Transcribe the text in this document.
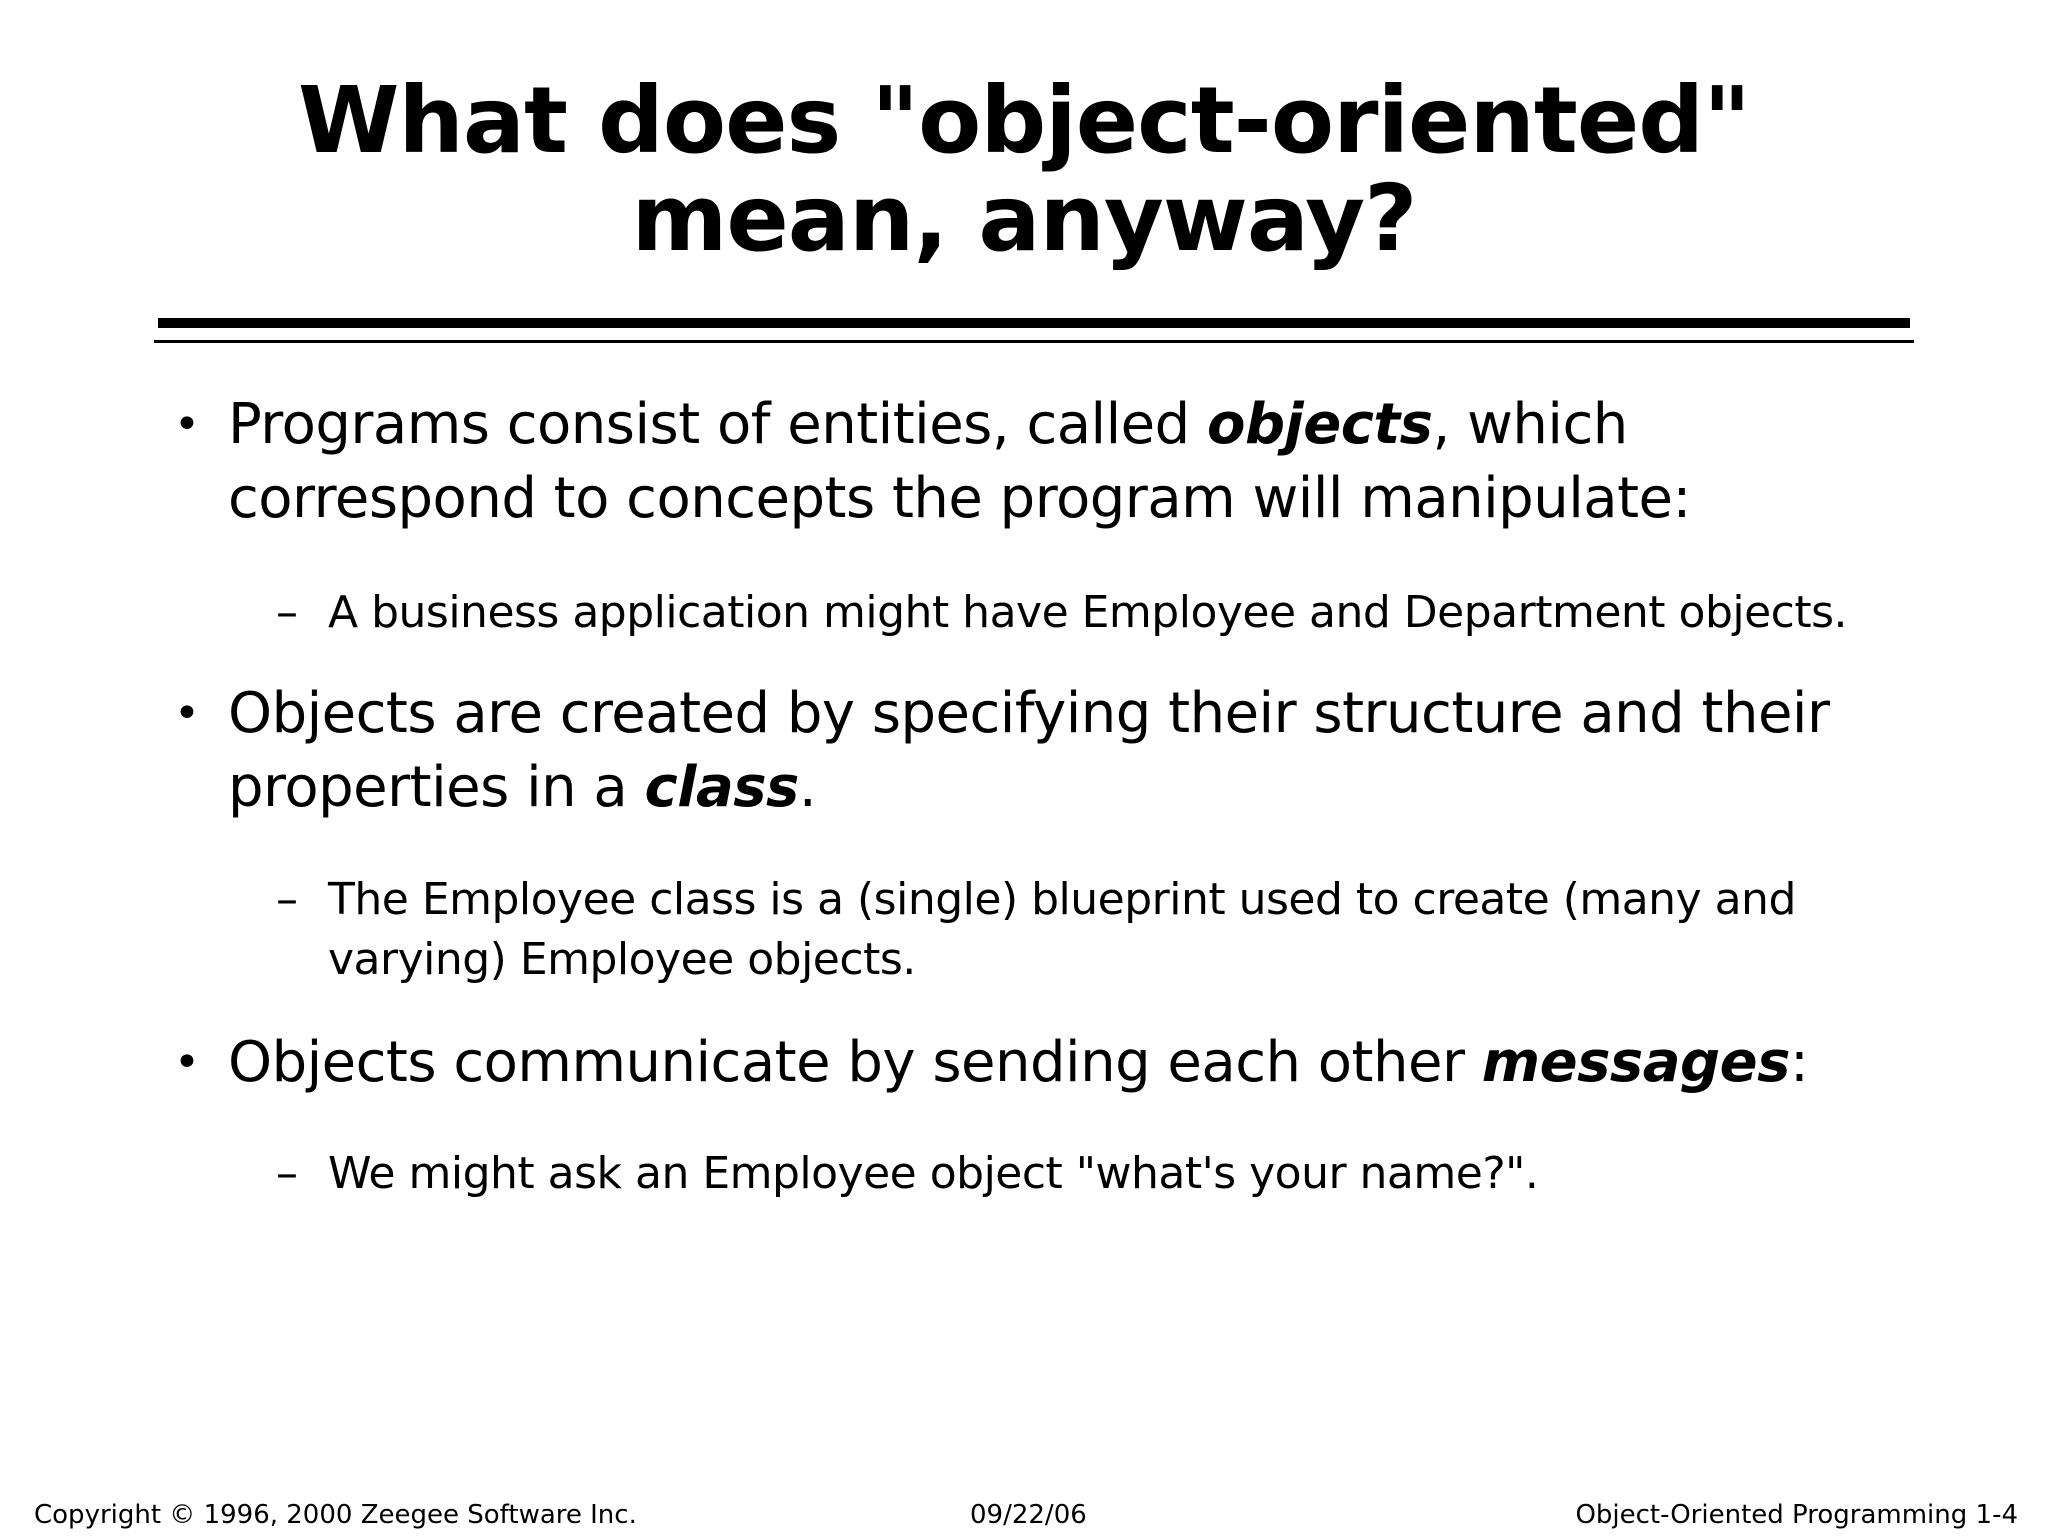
What does "object-oriented"
mean, anyway?
• Programs consist of entities, called objects, which
correspond to concepts the program will manipulate:
– A business application might have Employee and Department objects.
• Objects are created by specifying their structure and their
properties in a class.
– The Employee class is a (single) blueprint used to create (many and
varying) Employee objects.
• Objects communicate by sending each other messages:
– We might ask an Employee object "what's your name?".
Copyright © 1996, 2000 Zeegee Software Inc.	09/22/06	Object-Oriented Programming 1-4
